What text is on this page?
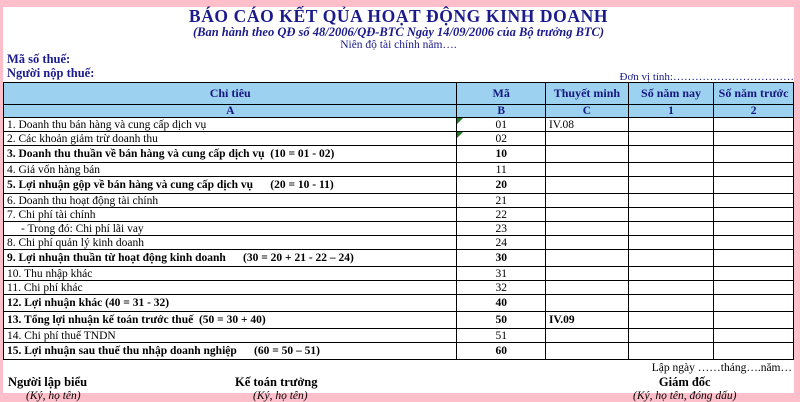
BÁO CÁO KẾT QỦA HOẠT ĐỘNG KINH DOANH
(Ban hành theo QĐ số 48/2006/QĐ-BTC Ngày 14/09/2006 của Bộ trưởng BTC)
Niên độ tài chính năm….
Mã số thuế:
Người nộp thuế:	Đơn vị tính:……………………………
Chỉ tiêu	Mã	Thuyết minh	Số năm nay	Số năm trước
A	B	C	1	2
1. Doanh thu bán hàng và cung cấp dịch vụ	01	IV.08		
2. Các khoản giảm trừ doanh thu	02			
3. Doanh thu thuần về bán hàng và cung cấp dịch vụ  (10 = 01 - 02)	10			
4. Giá vốn hàng bán	11			
5. Lợi nhuận gộp về bán hàng và cung cấp dịch vụ      (20 = 10 - 11)	20			
6. Doanh thu hoạt động tài chính	21			
7. Chi phí tài chính	22			
- Trong đó: Chi phí lãi vay	23			
8. Chi phí quản lý kinh doanh	24			
9. Lợi nhuận thuần từ hoạt động kinh doanh      (30 = 20 + 21 - 22 – 24)	30			
10. Thu nhập khác	31			
11. Chi phí khác	32			
12. Lợi nhuận khác (40 = 31 - 32)	40			
13. Tổng lợi nhuận kế toán trước thuế  (50 = 30 + 40)	50	IV.09		
14. Chi phí thuế TNDN	51			
15. Lợi nhuận sau thuế thu nhập doanh nghiệp      (60 = 50 – 51)	60			
Lập ngày ……tháng….năm…
Người lập biểu
(Ký, họ tên)
Kế toán trưởng
(Ký, họ tên)
Giám đốc
(Ký, họ tên, đóng dấu)
